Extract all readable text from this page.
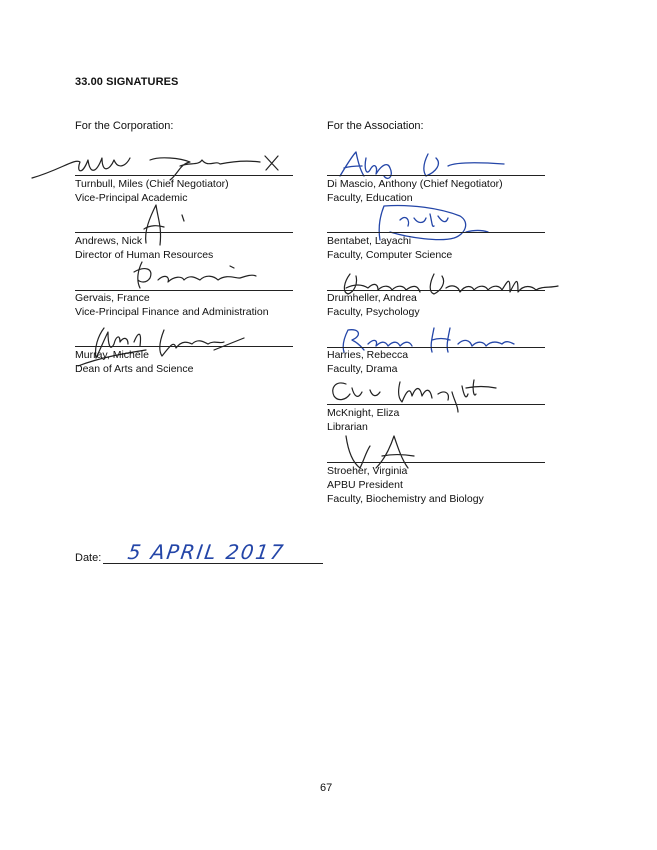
33.00 SIGNATURES
For the Corporation:	For the Association:
Turnbull, Miles (Chief Negotiator)
Vice-Principal Academic
Andrews, Nick
Director of Human Resources
Gervais, France
Vice-Principal Finance and Administration
Murray, Michele
Dean of Arts and Science
Di Mascio, Anthony (Chief Negotiator)
Faculty, Education
Bentabet, Layachi
Faculty, Computer Science
Drumheller, Andrea
Faculty, Psychology
Harries, Rebecca
Faculty, Drama
McKnight, Eliza
Librarian
Stroeher, Virginia
APBU President
Faculty, Biochemistry and Biology
Date: 5 APRIL 2017
67
